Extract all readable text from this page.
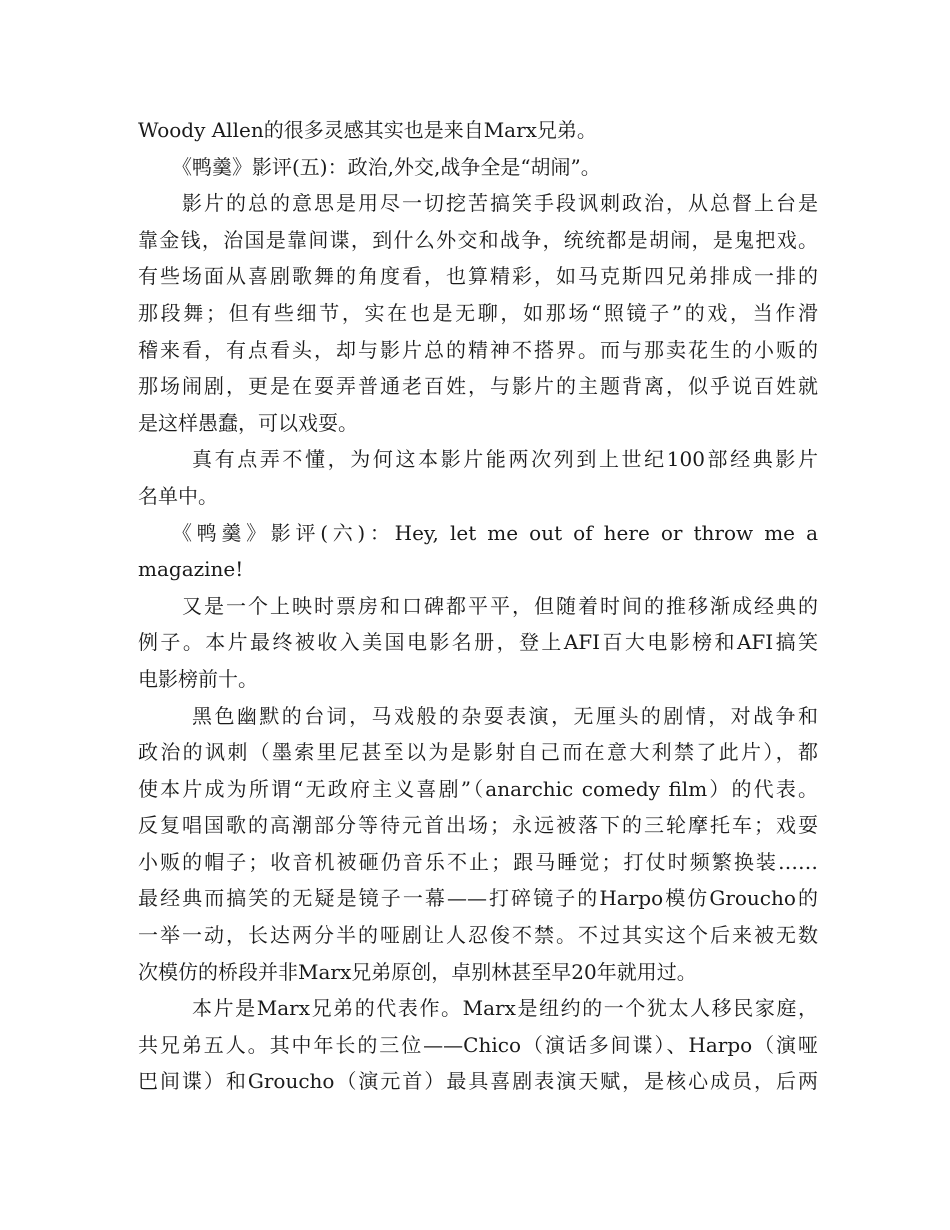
Woody Allen的很多灵感其实也是来自Marx兄弟。
《鸭羹》影评(五)：政治,外交,战争全是“胡闹”。
影片的总的意思是用尽一切挖苦搞笑手段讽刺政治，从总督上台是
靠金钱，治国是靠间谍，到什么外交和战争，统统都是胡闹，是鬼把戏。
有些场面从喜剧歌舞的角度看，也算精彩，如马克斯四兄弟排成一排的
那段舞；但有些细节，实在也是无聊，如那场“照镜子”的戏，当作滑
稽来看，有点看头，却与影片总的精神不搭界。而与那卖花生的小贩的
那场闹剧，更是在耍弄普通老百姓，与影片的主题背离，似乎说百姓就
是这样愚蠢，可以戏耍。
真有点弄不懂，为何这本影片能两次列到上世纪100部经典影片
名单中。
《鸭羹》影评(六)：Hey, let me out of here or throw me a
magazine!
又是一个上映时票房和口碑都平平，但随着时间的推移渐成经典的
例子。本片最终被收入美国电影名册，登上AFI百大电影榜和AFI搞笑
电影榜前十。
黑色幽默的台词，马戏般的杂耍表演，无厘头的剧情，对战争和
政治的讽刺（墨索里尼甚至以为是影射自己而在意大利禁了此片），都
使本片成为所谓“无政府主义喜剧”（anarchic comedy film）的代表。
反复唱国歌的高潮部分等待元首出场；永远被落下的三轮摩托车；戏耍
小贩的帽子；收音机被砸仍音乐不止；跟马睡觉；打仗时频繁换装……
最经典而搞笑的无疑是镜子一幕——打碎镜子的Harpo模仿Groucho的
一举一动，长达两分半的哑剧让人忍俊不禁。不过其实这个后来被无数
次模仿的桥段并非Marx兄弟原创，卓别林甚至早20年就用过。
本片是Marx兄弟的代表作。Marx是纽约的一个犹太人移民家庭，
共兄弟五人。其中年长的三位——Chico（演话多间谍）、Harpo（演哑
巴间谍）和Groucho（演元首）最具喜剧表演天赋，是核心成员，后两
